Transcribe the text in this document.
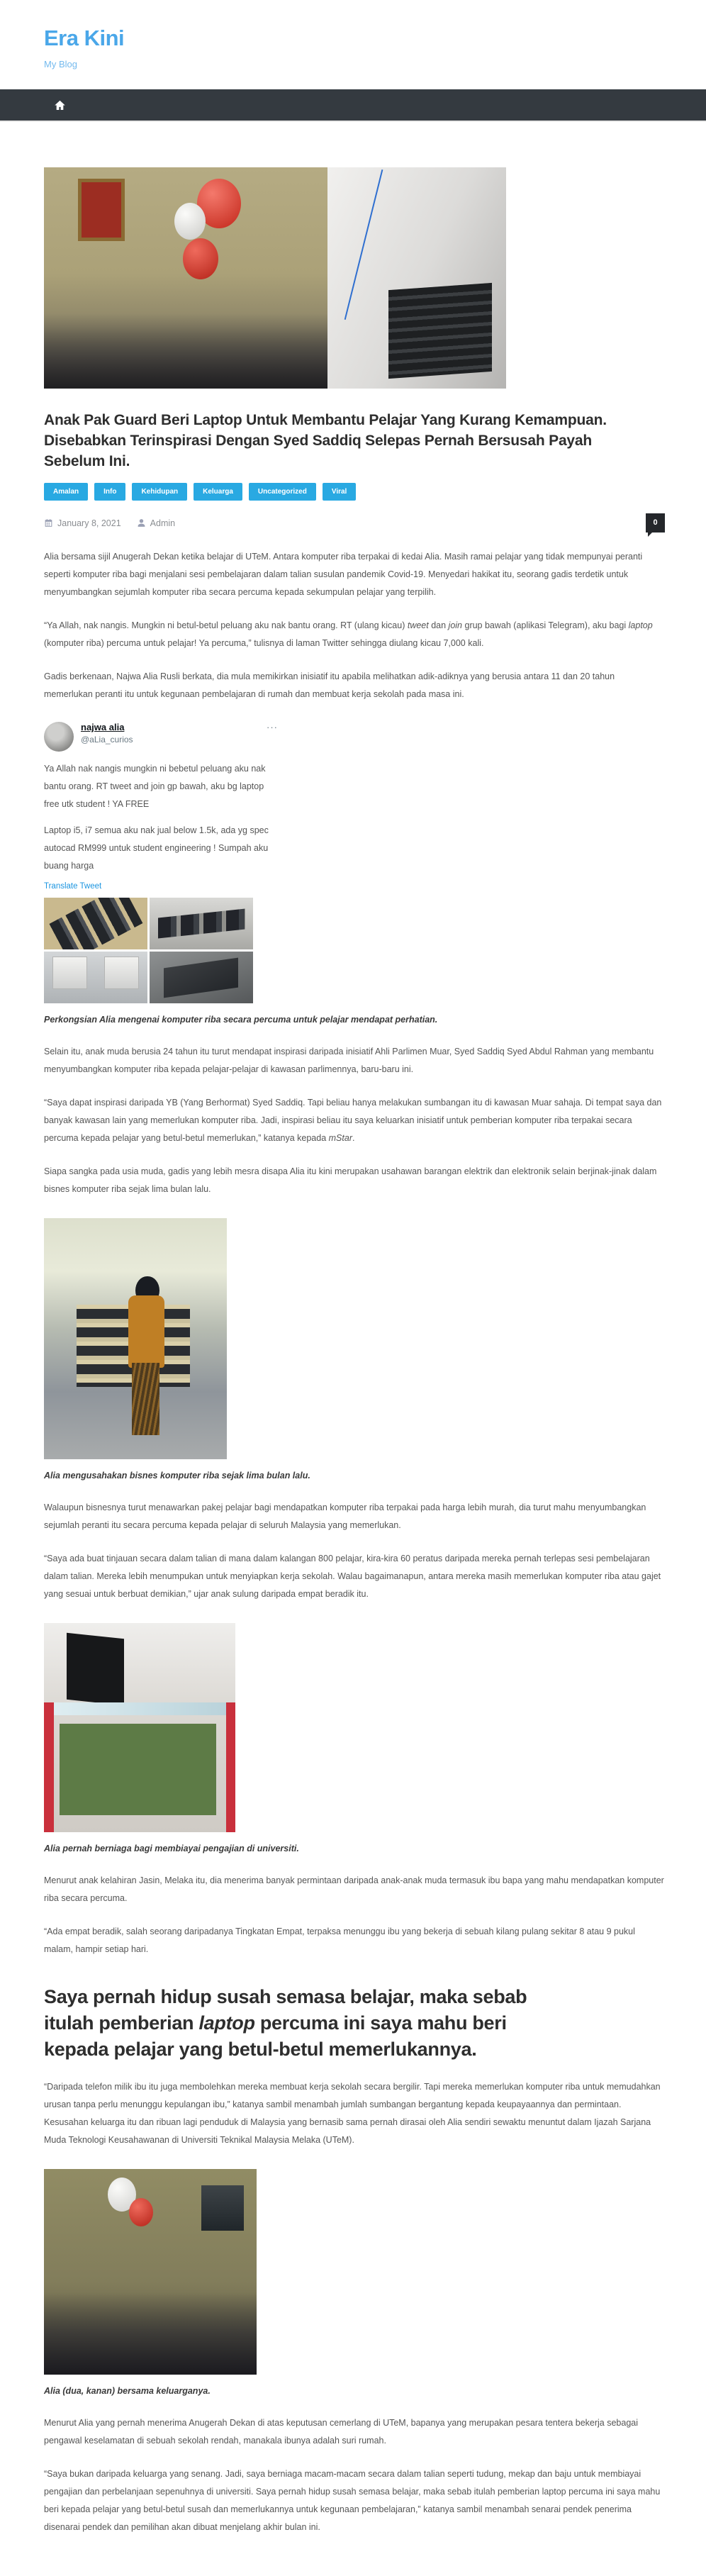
Era Kini
My Blog
Anak Pak Guard Beri Laptop Untuk Membantu Pelajar Yang Kurang Kemampuan. Disebabkan Terinspirasi Dengan Syed Saddiq Selepas Pernah Bersusah Payah Sebelum Ini.
Amalan	Info	Kehidupan	Keluarga	Uncategorized	Viral
January 8, 2021	Admin	0

Alia bersama sijil Anugerah Dekan ketika belajar di UTeM. Antara komputer riba terpakai di kedai Alia. Masih ramai pelajar yang tidak mempunyai peranti seperti komputer riba bagi menjalani sesi pembelajaran dalam talian susulan pandemik Covid-19. Menyedari hakikat itu, seorang gadis terdetik untuk menyumbangkan sejumlah komputer riba secara percuma kepada sekumpulan pelajar yang terpilih.

“Ya Allah, nak nangis. Mungkin ni betul-betul peluang aku nak bantu orang. RT (ulang kicau) tweet dan join grup bawah (aplikasi Telegram), aku bagi laptop (komputer riba) percuma untuk pelajar! Ya percuma,” tulisnya di laman Twitter sehingga diulang kicau 7,000 kali.

Gadis berkenaan, Najwa Alia Rusli berkata, dia mula memikirkan inisiatif itu apabila melihatkan adik-adiknya yang berusia antara 11 dan 20 tahun memerlukan peranti itu untuk kegunaan pembelajaran di rumah dan membuat kerja sekolah pada masa ini.

najwa alia
@aLia_curios
···

Ya Allah nak nangis mungkin ni bebetul peluang aku nak bantu orang. RT tweet and join gp bawah, aku bg laptop free utk student ! YA FREE

Laptop i5, i7 semua aku nak jual below 1.5k, ada yg spec autocad RM999 untuk student engineering ! Sumpah aku buang harga

Translate Tweet
Perkongsian Alia mengenai komputer riba secara percuma untuk pelajar mendapat perhatian.

Selain itu, anak muda berusia 24 tahun itu turut mendapat inspirasi daripada inisiatif Ahli Parlimen Muar, Syed Saddiq Syed Abdul Rahman yang membantu menyumbangkan komputer riba kepada pelajar-pelajar di kawasan parlimennya, baru-baru ini.

“Saya dapat inspirasi daripada YB (Yang Berhormat) Syed Saddiq. Tapi beliau hanya melakukan sumbangan itu di kawasan Muar sahaja. Di tempat saya dan banyak kawasan lain yang memerlukan komputer riba. Jadi, inspirasi beliau itu saya keluarkan inisiatif untuk pemberian komputer riba terpakai secara percuma kepada pelajar yang betul-betul memerlukan,” katanya kepada mStar.

Siapa sangka pada usia muda, gadis yang lebih mesra disapa Alia itu kini merupakan usahawan barangan elektrik dan elektronik selain berjinak-jinak dalam bisnes komputer riba sejak lima bulan lalu.

Alia mengusahakan bisnes komputer riba sejak lima bulan lalu.

Walaupun bisnesnya turut menawarkan pakej pelajar bagi mendapatkan komputer riba terpakai pada harga lebih murah, dia turut mahu menyumbangkan sejumlah peranti itu secara percuma kepada pelajar di seluruh Malaysia yang memerlukan.

“Saya ada buat tinjauan secara dalam talian di mana dalam kalangan 800 pelajar, kira-kira 60 peratus daripada mereka pernah terlepas sesi pembelajaran dalam talian. Mereka lebih menumpukan untuk menyiapkan kerja sekolah. Walau bagaimanapun, antara mereka masih memerlukan komputer riba atau gajet yang sesuai untuk berbuat demikian,” ujar anak sulung daripada empat beradik itu.

Alia pernah berniaga bagi membiayai pengajian di universiti.

Menurut anak kelahiran Jasin, Melaka itu, dia menerima banyak permintaan daripada anak-anak muda termasuk ibu bapa yang mahu mendapatkan komputer riba secara percuma.

“Ada empat beradik, salah seorang daripadanya Tingkatan Empat, terpaksa menunggu ibu yang bekerja di sebuah kilang pulang sekitar 8 atau 9 pukul malam, hampir setiap hari.

Saya pernah hidup susah semasa belajar, maka sebab itulah pemberian laptop percuma ini saya mahu beri kepada pelajar yang betul-betul memerlukannya.

“Daripada telefon milik ibu itu juga membolehkan mereka membuat kerja sekolah secara bergilir. Tapi mereka memerlukan komputer riba untuk memudahkan urusan tanpa perlu menunggu kepulangan ibu,” katanya sambil menambah jumlah sumbangan bergantung kepada keupayaannya dan permintaan. Kesusahan keluarga itu dan ribuan lagi penduduk di Malaysia yang bernasib sama pernah dirasai oleh Alia sendiri sewaktu menuntut dalam Ijazah Sarjana Muda Teknologi Keusahawanan di Universiti Teknikal Malaysia Melaka (UTeM).

Alia (dua, kanan) bersama keluarganya.

Menurut Alia yang pernah menerima Anugerah Dekan di atas keputusan cemerlang di UTeM, bapanya yang merupakan pesara tentera bekerja sebagai pengawal keselamatan di sebuah sekolah rendah, manakala ibunya adalah suri rumah.

“Saya bukan daripada keluarga yang senang. Jadi, saya berniaga macam-macam secara dalam talian seperti tudung, mekap dan baju untuk membiayai pengajian dan perbelanjaan sepenuhnya di universiti. Saya pernah hidup susah semasa belajar, maka sebab itulah pemberian laptop percuma ini saya mahu beri kepada pelajar yang betul-betul susah dan memerlukannya untuk kegunaan pembelajaran,” katanya sambil menambah senarai pendek penerima disenarai pendek dan pemilihan akan dibuat menjelang akhir bulan ini.
